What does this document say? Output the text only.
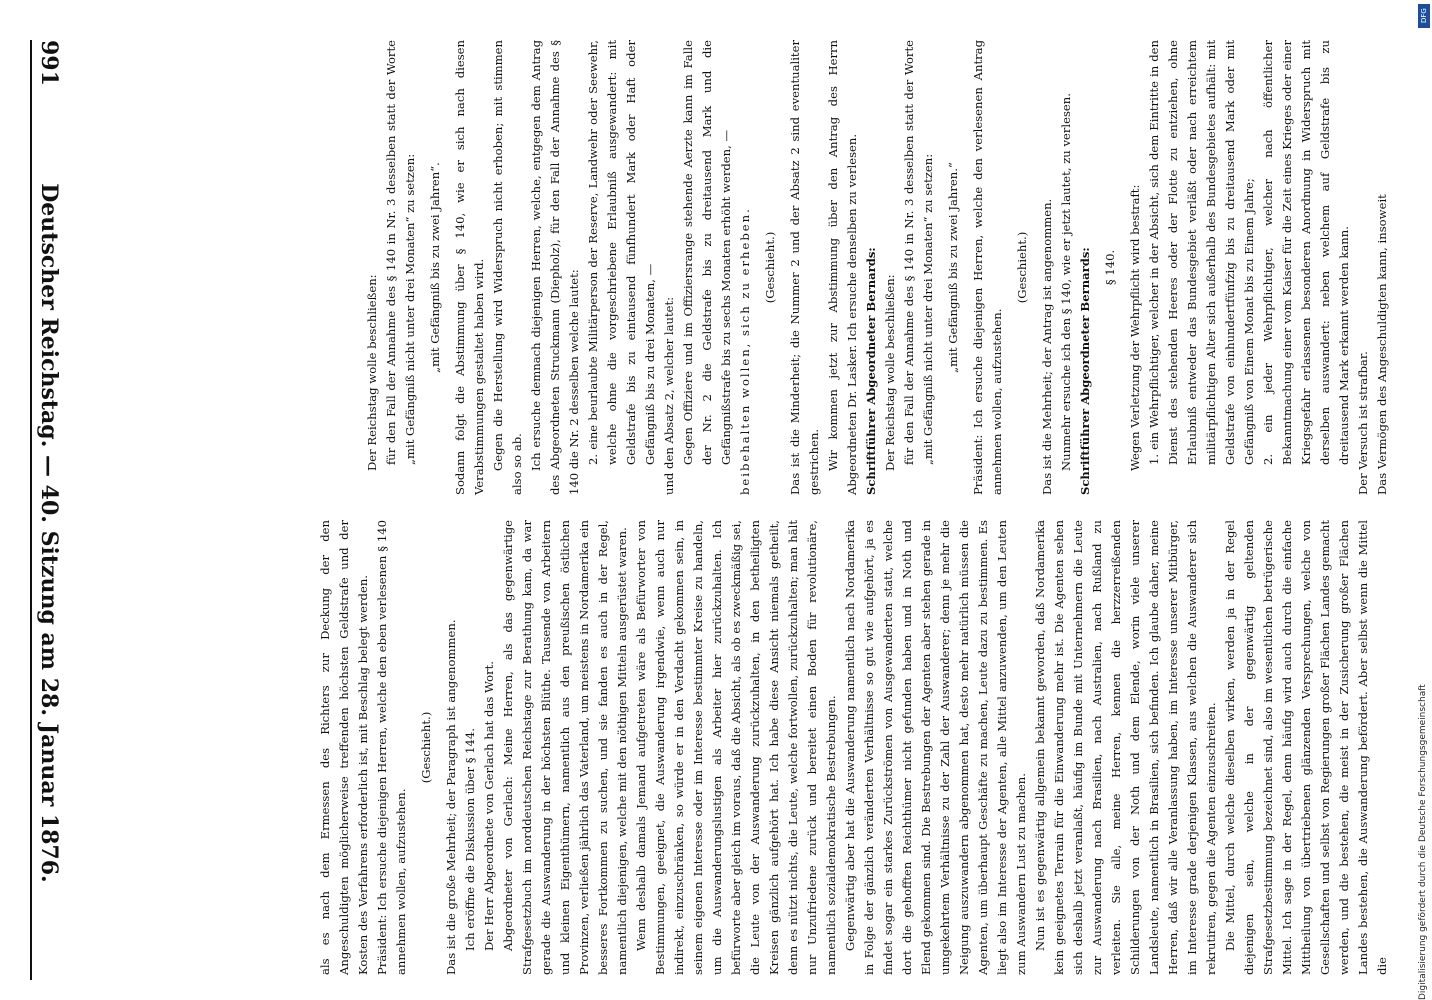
991
Deutscher Reichstag. — 40. Sitzung am 28. Januar 1876.	Der Reichstag wolle beschließen: für den Fall der Annahme des § 140 in Nr. 3 desselben statt der Worte „mit Gefängniß nicht unter drei Monaten“ zu setzen: „mit Gefängniß bis zu zwei Jahren“. Sodann folgt die Abstimmung über § 140, wie er sich nach diesen Verabstimmungen gestaltet haben wird. Gegen die Herstellung wird Widerspruch nicht erhoben; mit stimmen also so ab. Ich ersuche demnach diejenigen Herren, welche, entgegen dem Antrag des Abgeordneten Struckmann (Diepholz), für den Fall der Annahme des § 140 die Nr. 2 desselben welche lautet: 2. eine beurlaubte Militärperson der Reserve, Landwehr oder Seewehr, welche ohne die vorgeschriebene Erlaubniß ausgewandert: mit Geldstrafe bis zu eintausend fünfhundert Mark oder Haft oder Gefängniß bis zu drei Monaten, — und den Absatz 2, welcher lautet: Gegen Offiziere und im Offiziersrange stehende Aerzte kann im Falle der Nr. 2 die Geldstrafe bis zu dreitausend Mark und die Gefängnißstrafe bis zu sechs Monaten erhöht werden, — beibehalten wollen, sich zu erheben. (Geschieht.) Das ist die Minderheit; die Nummer 2 und der Absatz 2 sind eventualiter gestrichen. Wir kommen jetzt zur Abstimmung über den Antrag des Herrn Abgeordneten Dr. Lasker. Ich ersuche denselben zu verlesen. Schriftführer Abgeordneter Bernards: Der Reichstag wolle beschließen: für den Fall der Annahme des § 140 in Nr. 3 desselben statt der Worte „mit Gefängniß nicht unter drei Monaten“ zu setzen: „mit Gefängniß bis zu zwei Jahren.“ Präsident: Ich ersuche diejenigen Herren, welche den verlesenen Antrag annehmen wollen, aufzustehen.

(Geschieht.) Das ist die Mehrheit; der Antrag ist angenommen. Nunmehr ersuche ich den § 140, wie er jetzt lautet, zu verlesen. Schriftführer Abgeordneter Bernards: § 140. Wegen Verletzung der Wehrpflicht wird bestraft: 1. ein Wehrpflichtiger, welcher in der Absicht, sich dem Eintritte in den Dienst des stehenden Heeres oder der Flotte zu entziehen, ohne Erlaubniß entweder das Bundesgebiet verläßt oder nach erreichtem militärpflichtigen Alter sich außerhalb des Bundesgebietes aufhält: mit Geldstrafe von einhundertfünfzig bis zu dreitausend Mark oder mit Gefängniß von Einem Monat bis zu Einem Jahre; 2. ein jeder Wehrpflichtiger, welcher nach öffentlicher Bekanntmachung einer vom Kaiser für die Zeit eines Krieges oder einer Kriegsgefahr erlassenen besonderen Anordnung in Widerspruch mit derselben auswandert: neben welchem auf Geldstrafe bis zu dreitausend Mark erkannt werden kann. Der Versuch ist strafbar. Das Vermögen des Angeschuldigten kann, insoweit

als es nach dem Ermessen des Richters zur Deckung der den Angeschuldigten möglicherweise treffenden höchsten Geldstrafe und der Kosten des Verfahrens erforderlich ist, mit Beschlag belegt werden. Präsident: Ich ersuche diejenigen Herren, welche den eben verlesenen § 140 annehmen wollen, aufzustehen.

(Geschieht.) Das ist die große Mehrheit; der Paragraph ist angenommen. Ich eröffne die Diskussion über § 144. Der Herr Abgeordnete von Gerlach hat das Wort. Abgeordneter von Gerlach: Meine Herren, als das gegenwärtige Strafgesetzbuch im norddeutschen Reichstage zur Berathung kam, da war gerade die Auswanderung in der höchsten Blüthe. Tausende von Arbeitern und kleinen Eigenthümern, namentlich aus den preußischen östlichen Provinzen, verließen jährlich das Vaterland, um meistens in Nordamerika ein besseres Fortkommen zu suchen, und sie fanden es auch in der Regel, namentlich diejenigen, welche mit den nöthigen Mitteln ausgerüstet waren. Wenn deshalb damals Jemand aufgetreten wäre als Befürworter von Bestimmungen, geeignet, die Auswanderung irgendwie, wenn auch nur indirekt, einzuschränken, so würde er in den Verdacht gekommen sein, in seinem eigenen Interesse oder im Interesse bestimmter Kreise zu handeln, um die Auswanderungslustigen als Arbeiter hier zurückzuhalten. Ich befürworte aber gleich im voraus, daß die Absicht, als ob es zweckmäßig sei, die Leute von der Auswanderung zurückzuhalten, in den betheiligten Kreisen gänzlich aufgehört hat. Ich habe diese Ansicht niemals getheilt, denn es nützt nichts, die Leute, welche fortwollen, zurückzuhalten; man hält nur Unzufriedene zurück und bereitet einen Boden für revolutionäre, namentlich sozialdemokratische Bestrebungen. Gegenwärtig aber hat die Auswanderung namentlich nach Nordamerika in Folge der gänzlich veränderten Verhältnisse so gut wie aufgehört, ja es findet sogar ein starkes Zurückströmen von Ausgewanderten statt, welche dort die gehofften Reichthümer nicht gefunden haben und in Noth und Elend gekommen sind. Die Bestrebungen der Agenten aber stehen gerade in umgekehrtem Verhältnisse zu der Zahl der Auswanderer; denn je mehr die Neigung auszuwandern abgenommen hat, desto mehr natürlich müssen die Agenten, um überhaupt Geschäfte zu machen, Leute dazu zu bestimmen. Es liegt also im Interesse der Agenten, alle Mittel anzuwenden, um den Leuten zum Auswandern Lust zu machen. Nun ist es gegenwärtig allgemein bekannt geworden, daß Nordamerika kein geeignetes Terrain für die Einwanderung mehr ist. Die Agenten sehen sich deshalb jetzt veranlaßt, häufig im Bunde mit Unternehmern die Leute zur Auswanderung nach Brasilien, nach Australien, nach Rußland zu verleiten. Sie alle, meine Herren, kennen die herzzerreißenden Schilderungen von der Noth und dem Elende, worin viele unserer Landsleute, namentlich in Brasilien, sich befinden. Ich glaube daher, meine Herren, daß wir alle Veranlassung haben, im Interesse unserer Mitbürger, im Interesse grade derjenigen Klassen, aus welchen die Auswanderer sich rekrutiren, gegen die Agenten einzuschreiten. Die Mittel, durch welche dieselben wirken, werden ja in der Regel diejenigen sein, welche in der gegenwärtig geltenden Strafgesetzbestimmung bezeichnet sind, also im wesentlichen betrügerische Mittel. Ich sage in der Regel, denn häufig wird auch durch die einfache Mittheilung von übertriebenen glänzenden Versprechungen, welche von Gesellschaften und selbst von Regierungen großer Flächen Landes gemacht werden, und die bestehen, die meist in der Zusicherung großer Flächen Landes bestehen, die Auswanderung befördert. Aber selbst wenn die Mittel die

DFG
Digitalisierung gefördert durch die Deutsche Forschungsgemeinschaft
